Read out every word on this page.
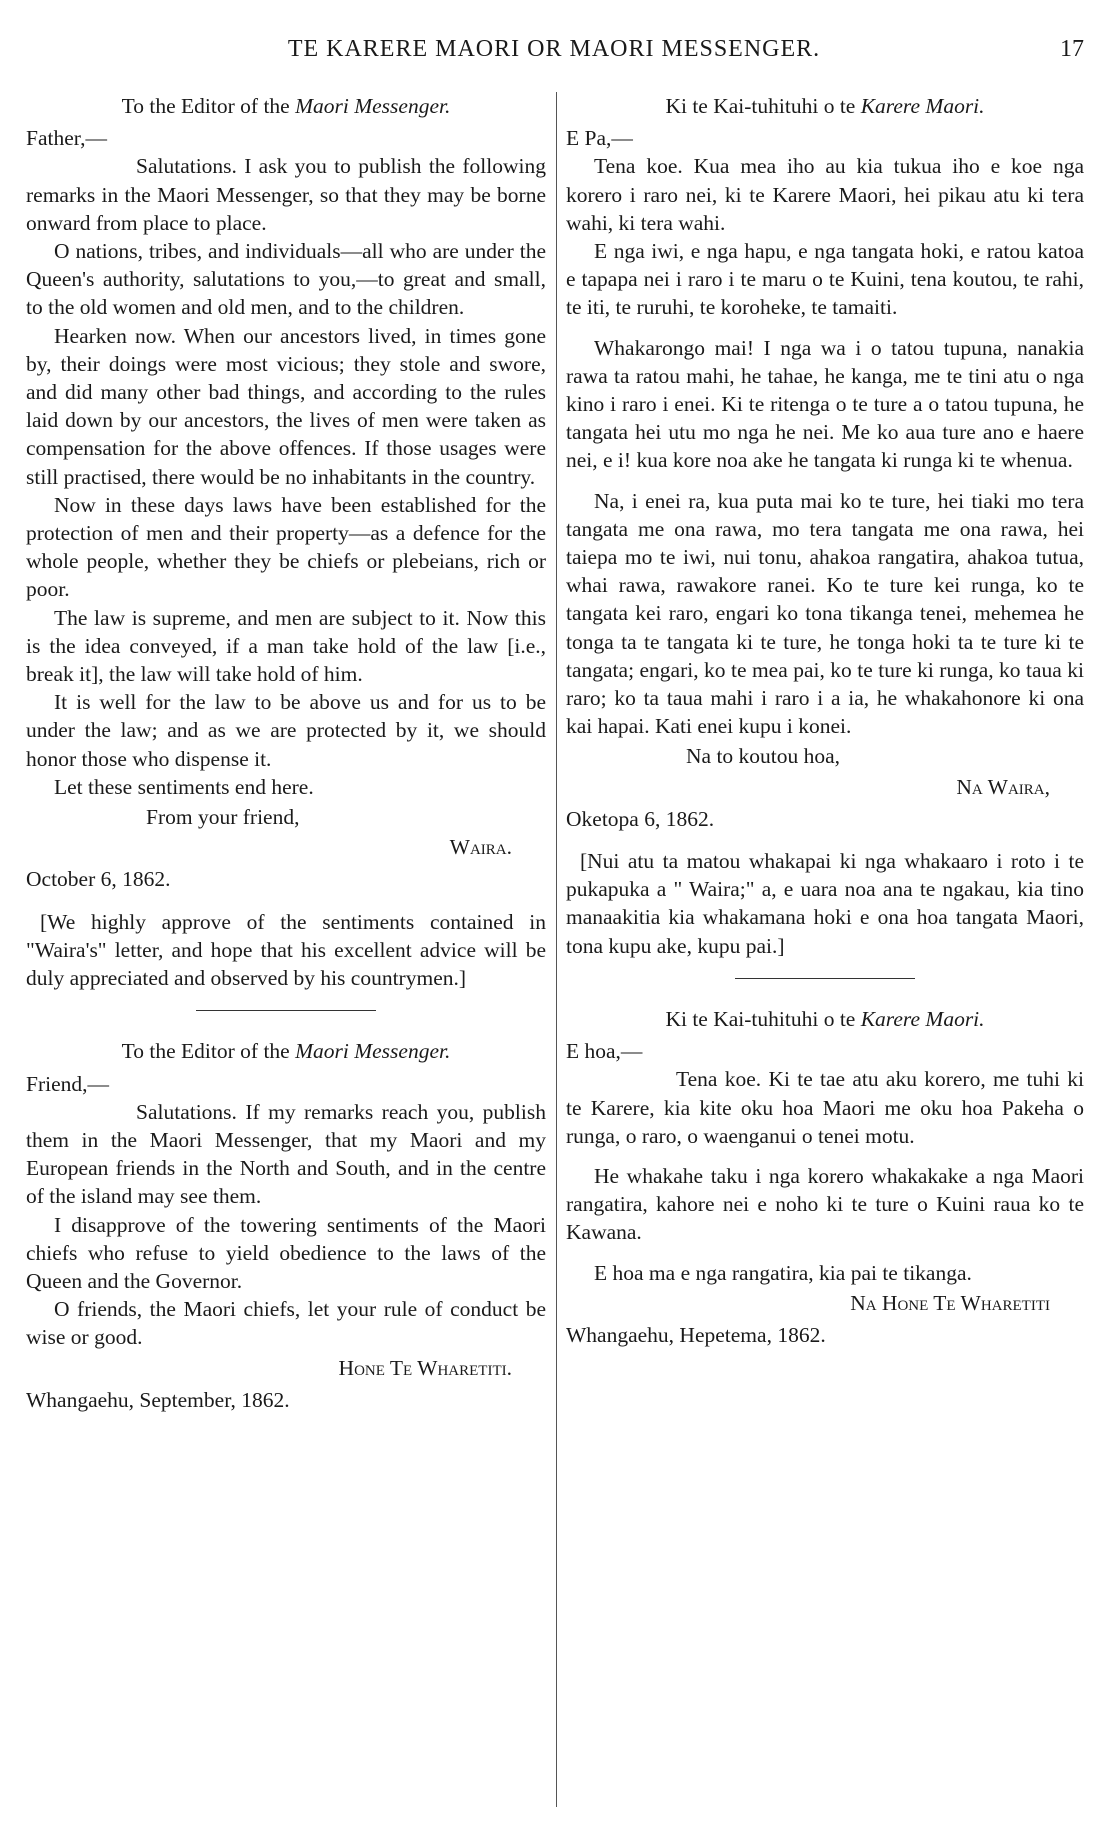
TE KARERE MAORI OR MAORI MESSENGER.	17
To the Editor of the Maori Messenger.

Father,—

Salutations. I ask you to publish the following remarks in the Maori Messenger, so that they may be borne onward from place to place.

O nations, tribes, and individuals—all who are under the Queen's authority, salutations to you,—to great and small, to the old women and old men, and to the children.

Hearken now. When our ancestors lived, in times gone by, their doings were most vicious; they stole and swore, and did many other bad things, and according to the rules laid down by our ancestors, the lives of men were taken as compensation for the above offences. If those usages were still practised, there would be no inhabitants in the country.

Now in these days laws have been established for the protection of men and their property—as a defence for the whole people, whether they be chiefs or plebeians, rich or poor.

The law is supreme, and men are subject to it. Now this is the idea conveyed, if a man take hold of the law [i.e., break it], the law will take hold of him.

It is well for the law to be above us and for us to be under the law; and as we are protected by it, we should honor those who dispense it.

Let these sentiments end here.

From your friend,

Waira.

October 6, 1862.

[We highly approve of the sentiments contained in "Waira's" letter, and hope that his excellent advice will be duly appreciated and observed by his countrymen.]

To the Editor of the Maori Messenger.

Friend,—

Salutations. If my remarks reach you, publish them in the Maori Messenger, that my Maori and my European friends in the North and South, and in the centre of the island may see them.

I disapprove of the towering sentiments of the Maori chiefs who refuse to yield obedience to the laws of the Queen and the Governor.

O friends, the Maori chiefs, let your rule of conduct be wise or good.

Hone Te Wharetiti.

Whangaehu, September, 1862.

Ki te Kai-tuhituhi o te Karere Maori.

E Pa,—

Tena koe. Kua mea iho au kia tukua iho e koe nga korero i raro nei, ki te Karere Maori, hei pikau atu ki tera wahi, ki tera wahi.

E nga iwi, e nga hapu, e nga tangata hoki, e ratou katoa e tapapa nei i raro i te maru o te Kuini, tena koutou, te rahi, te iti, te ruruhi, te koroheke, te tamaiti.

Whakarongo mai! I nga wa i o tatou tupuna, nanakia rawa ta ratou mahi, he tahae, he kanga, me te tini atu o nga kino i raro i enei. Ki te ritenga o te ture a o tatou tupuna, he tangata hei utu mo nga he nei. Me ko aua ture ano e haere nei, e i! kua kore noa ake he tangata ki runga ki te whenua.

Na, i enei ra, kua puta mai ko te ture, hei tiaki mo tera tangata me ona rawa, mo tera tangata me ona rawa, hei taiepa mo te iwi, nui tonu, ahakoa rangatira, ahakoa tutua, whai rawa, rawakore ranei. Ko te ture kei runga, ko te tangata kei raro, engari ko tona tikanga tenei, mehemea he tonga ta te tangata ki te ture, he tonga hoki ta te ture ki te tangata; engari, ko te mea pai, ko te ture ki runga, ko taua ki raro; ko ta taua mahi i raro i a ia, he whakahonore ki ona kai hapai. Kati enei kupu i konei.

Na to koutou hoa,

Na Waira,

Oketopa 6, 1862.

[Nui atu ta matou whakapai ki nga whakaaro i roto i te pukapuka a " Waira;" a, e uara noa ana te ngakau, kia tino manaakitia kia whakamana hoki e ona hoa tangata Maori, tona kupu ake, kupu pai.]

Ki te Kai-tuhituhi o te Karere Maori.

E hoa,—

Tena koe. Ki te tae atu aku korero, me tuhi ki te Karere, kia kite oku hoa Maori me oku hoa Pakeha o runga, o raro, o waenganui o tenei motu.

He whakahe taku i nga korero whakakake a nga Maori rangatira, kahore nei e noho ki te ture o Kuini raua ko te Kawana.

E hoa ma e nga rangatira, kia pai te tikanga.

Na Hone Te Wharetiti

Whangaehu, Hepetema, 1862.
